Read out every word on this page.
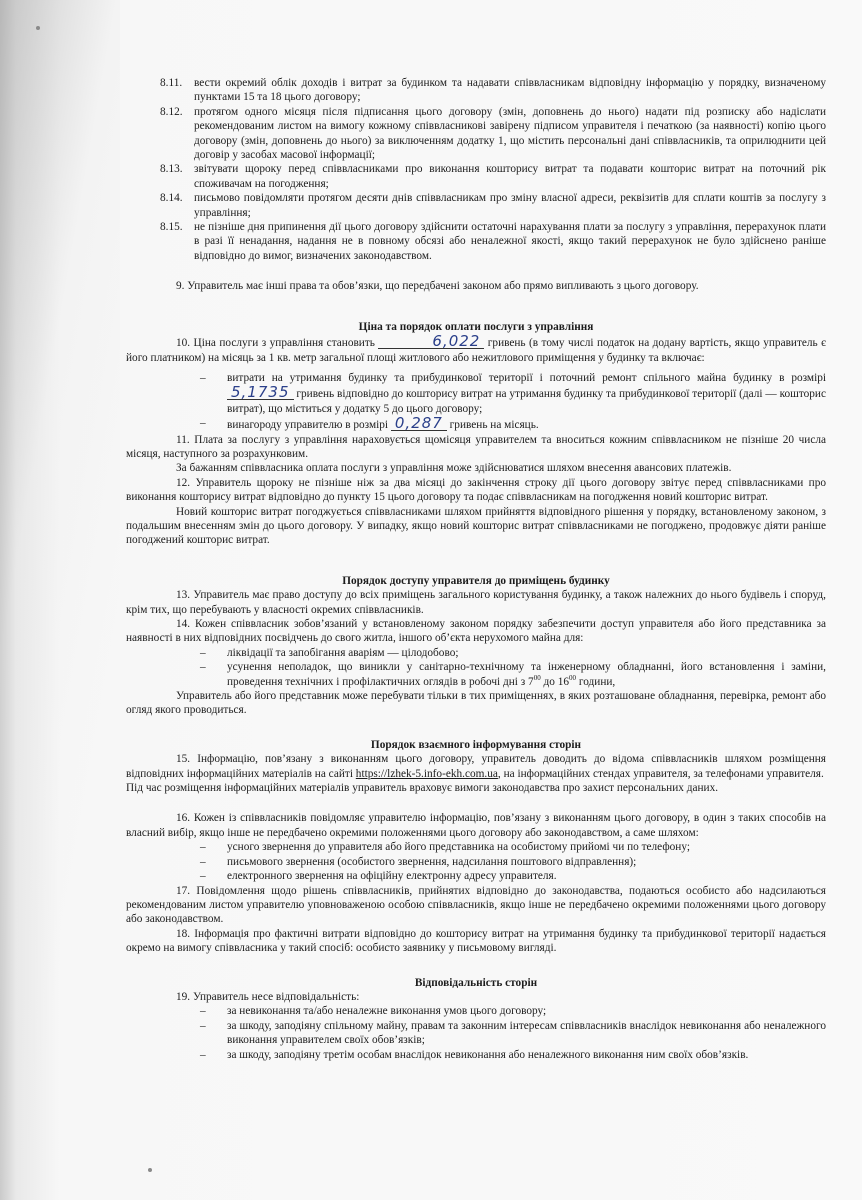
8.11.	вести окремий облік доходів і витрат за будинком та надавати співвласникам відповідну інформацію у порядку, визначеному пунктами 15 та 18 цього договору;
8.12.	протягом одного місяця після підписання цього договору (змін, доповнень до нього) надати під розписку або надіслати рекомендованим листом на вимогу кожному співвласникові завірену підписом управителя і печаткою (за наявності) копію цього договору (змін, доповнень до нього) за виключенням додатку 1, що містить персональні дані співвласників, та оприлюднити цей договір у засобах масової інформації;
8.13.	звітувати щороку перед співвласниками про виконання кошторису витрат та подавати кошторис витрат на поточний рік споживачам на погодження;
8.14.	письмово повідомляти протягом десяти днів співвласникам про зміну власної адреси, реквізитів для сплати коштів за послугу з управління;
8.15.	не пізніше дня припинення дії цього договору здійснити остаточні нарахування плати за послугу з управління, перерахунок плати в разі її ненадання, надання не в повному обсязі або неналежної якості, якщо такий перерахунок не було здійснено раніше відповідно до вимог, визначених законодавством.

9. Управитель має інші права та обов’язки, що передбачені законом або прямо випливають з цього договору.

Ціна та порядок оплати послуги з управління

10. Ціна послуги з управління становить	6,022 гривень (в тому числі податок на додану вартість, якщо управитель є його платником) на місяць за 1 кв. метр загальної площі житлового або нежитлового приміщення у будинку та включає:

–	витрати на утримання будинку та прибудинкової території і поточний ремонт спільного майна будинку в розмірі 5,1735 гривень відповідно до кошторису витрат на утримання будинку та прибудинкової території (далі — кошторис витрат), що міститься у додатку 5 до цього договору;
–	винагороду управителю в розмірі 0,287 гривень на місяць.

11. Плата за послугу з управління нараховується щомісяця управителем та вноситься кожним співвласником не пізніше 20 числа місяця, наступного за розрахунковим.

За бажанням співвласника оплата послуги з управління може здійснюватися шляхом внесення авансових платежів.

12. Управитель щороку не пізніше ніж за два місяці до закінчення строку дії цього договору звітує перед співвласниками про виконання кошторису витрат відповідно до пункту 15 цього договору та подає співвласникам на погодження новий кошторис витрат.

Новий кошторис витрат погоджується співвласниками шляхом прийняття відповідного рішення у порядку, встановленому законом, з подальшим внесенням змін до цього договору. У випадку, якщо новий кошторис витрат співвласниками не погоджено, продовжує діяти раніше погоджений кошторис витрат.

Порядок доступу управителя до приміщень будинку

13. Управитель має право доступу до всіх приміщень загального користування будинку, а також належних до нього будівель і споруд, крім тих, що перебувають у власності окремих співвласників.

14. Кожен співвласник зобов’язаний у встановленому законом порядку забезпечити доступ управителя або його представника за наявності в них відповідних посвідчень до свого житла, іншого об’єкта нерухомого майна для:

–	ліквідації та запобігання аваріям — цілодобово;
–	усунення неполадок, що виникли у санітарно-технічному та інженерному обладнанні, його встановлення і заміни, проведення технічних і профілактичних оглядів в робочі дні з $7^{00}$ до $16^{00}$ години,

Управитель або його представник може перебувати тільки в тих приміщеннях, в яких розташоване обладнання, перевірка, ремонт або огляд якого проводиться.

Порядок взаємного інформування сторін

15. Інформацію, пов’язану з виконанням цього договору, управитель доводить до відома співвласників шляхом розміщення відповідних інформаційних матеріалів на сайті https://lzhek-5.info-ekh.com.ua, на інформаційних стендах управителя, за телефонами управителя.

Під час розміщення інформаційних матеріалів управитель враховує вимоги законодавства про захист персональних даних.

16. Кожен із співвласників повідомляє управителю інформацію, пов’язану з виконанням цього договору, в один з таких способів на власний вибір, якщо інше не передбачено окремими положеннями цього договору або законодавством, а саме шляхом:

–	усного звернення до управителя або його представника на особистому прийомі чи по телефону;
–	письмового звернення (особистого звернення, надсилання поштового відправлення);
–	електронного звернення на офіційну електронну адресу управителя.

17. Повідомлення щодо рішень співвласників, прийнятих відповідно до законодавства, подаються особисто або надсилаються рекомендованим листом управителю уповноваженою особою співвласників, якщо інше не передбачено окремими положеннями цього договору або законодавством.

18. Інформація про фактичні витрати відповідно до кошторису витрат на утримання будинку та прибудинкової території надається окремо на вимогу співвласника у такий спосіб: особисто заявнику у письмовому вигляді.

Відповідальність сторін

19. Управитель несе відповідальність:

–	за невиконання та/або неналежне виконання умов цього договору;
–	за шкоду, заподіяну спільному майну, правам та законним інтересам співвласників внаслідок невиконання або неналежного виконання управителем своїх обов’язків;
–	за шкоду, заподіяну третім особам внаслідок невиконання або неналежного виконання ним своїх обов’язків.
